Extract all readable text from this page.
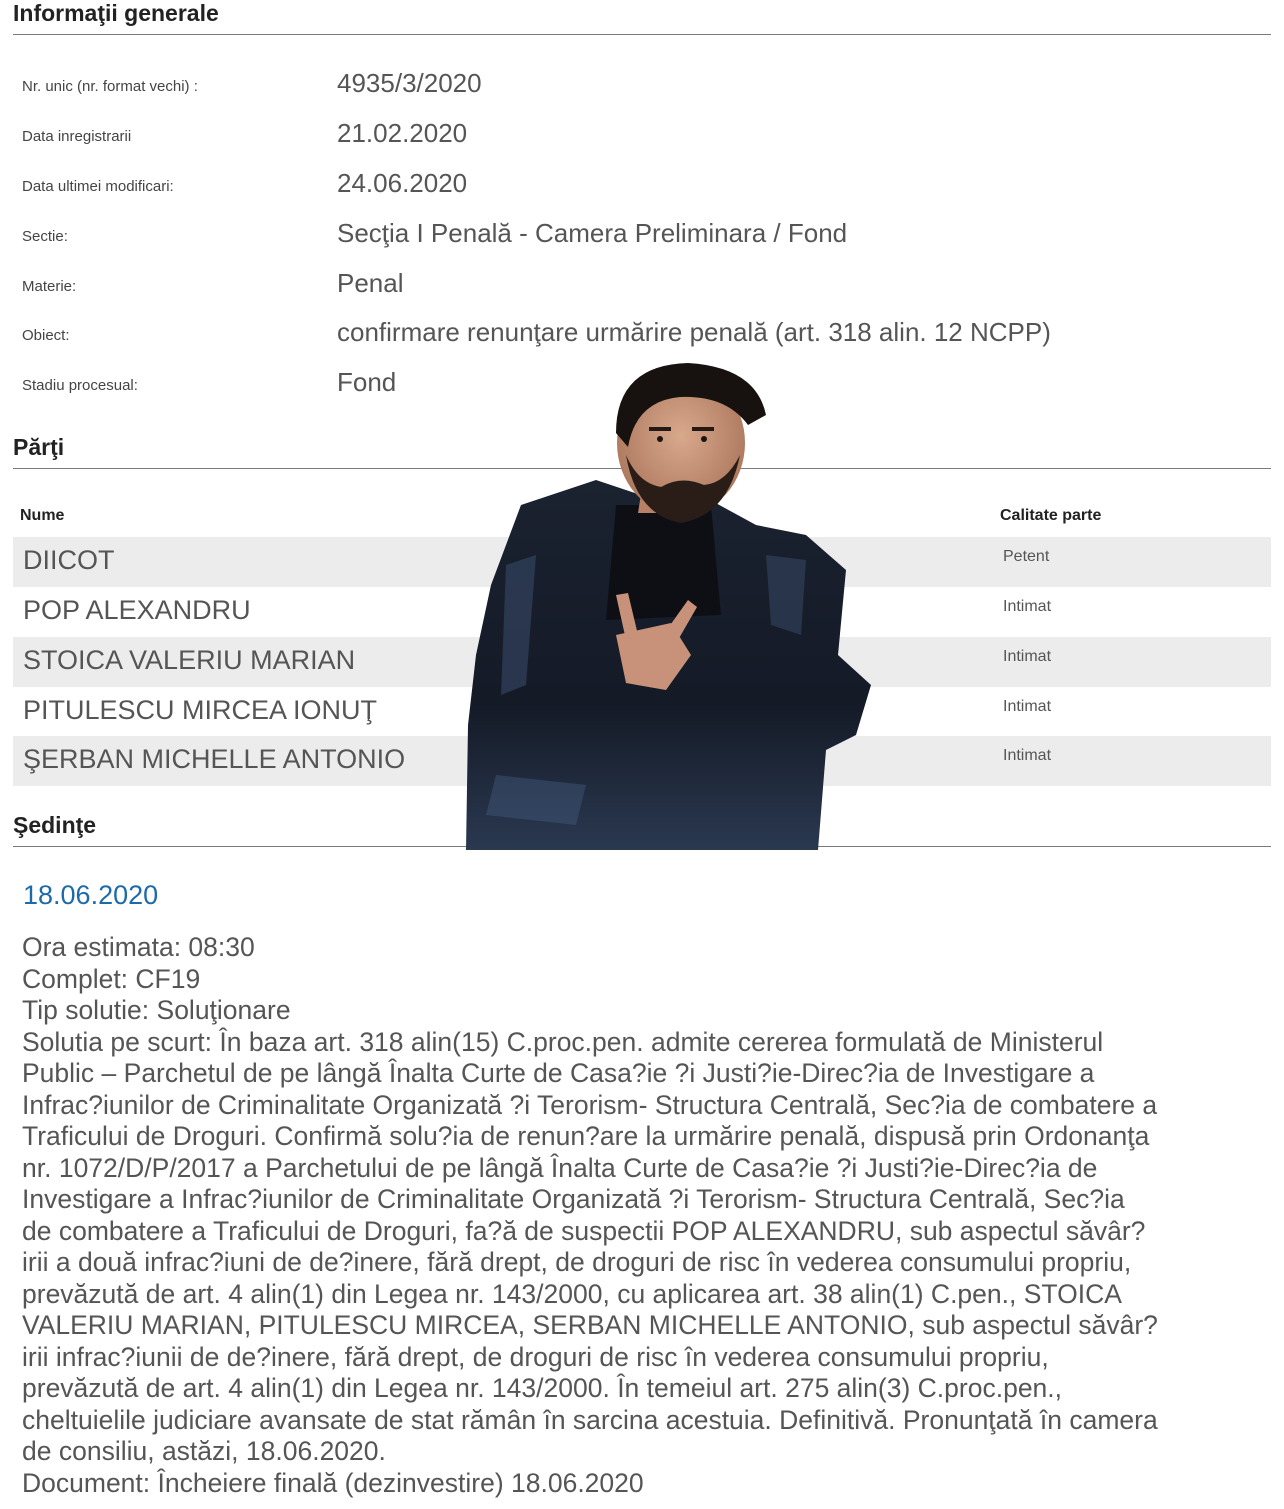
Informaţii generale
Nr. unic (nr. format vechi) :	4935/3/2020
Data inregistrarii	21.02.2020
Data ultimei modificari:	24.06.2020
Sectie:	Secţia I Penală - Camera Preliminara / Fond
Materie:	Penal
Obiect:	confirmare renunţare urmărire penală (art. 318 alin. 12 NCPP)
Stadiu procesual:	Fond
Părţi
Nume	Calitate parte
DIICOT	Petent
POP ALEXANDRU	Intimat
STOICA VALERIU MARIAN	Intimat
PITULESCU MIRCEA IONUŢ	Intimat
ŞERBAN MICHELLE ANTONIO	Intimat
Şedinţe
18.06.2020
Ora estimata: 08:30
Complet: CF19
Tip solutie: Soluţionare
Solutia pe scurt: În baza art. 318 alin(15) C.proc.pen. admite cererea formulată de Ministerul
Public – Parchetul de pe lângă Înalta Curte de Casa?ie ?i Justi?ie-Direc?ia de Investigare a
Infrac?iunilor de Criminalitate Organizată ?i Terorism- Structura Centrală, Sec?ia de combatere a
Traficului de Droguri. Confirmă solu?ia de renun?are la urmărire penală, dispusă prin Ordonanţa
nr. 1072/D/P/2017 a Parchetului de pe lângă Înalta Curte de Casa?ie ?i Justi?ie-Direc?ia de
Investigare a Infrac?iunilor de Criminalitate Organizată ?i Terorism- Structura Centrală, Sec?ia
de combatere a Traficului de Droguri, fa?ă de suspectii POP ALEXANDRU, sub aspectul săvâr?
irii a două infrac?iuni de de?inere, fără drept, de droguri de risc în vederea consumului propriu,
prevăzută de art. 4 alin(1) din Legea nr. 143/2000, cu aplicarea art. 38 alin(1) C.pen., STOICA
VALERIU MARIAN, PITULESCU MIRCEA, SERBAN MICHELLE ANTONIO, sub aspectul săvâr?
irii infrac?iunii de de?inere, fără drept, de droguri de risc în vederea consumului propriu,
prevăzută de art. 4 alin(1) din Legea nr. 143/2000. În temeiul art. 275 alin(3) C.proc.pen.,
cheltuielile judiciare avansate de stat rămân în sarcina acestuia. Definitivă. Pronunţată în camera
de consiliu, astăzi, 18.06.2020.
Document: Încheiere finală (dezinvestire) 18.06.2020
